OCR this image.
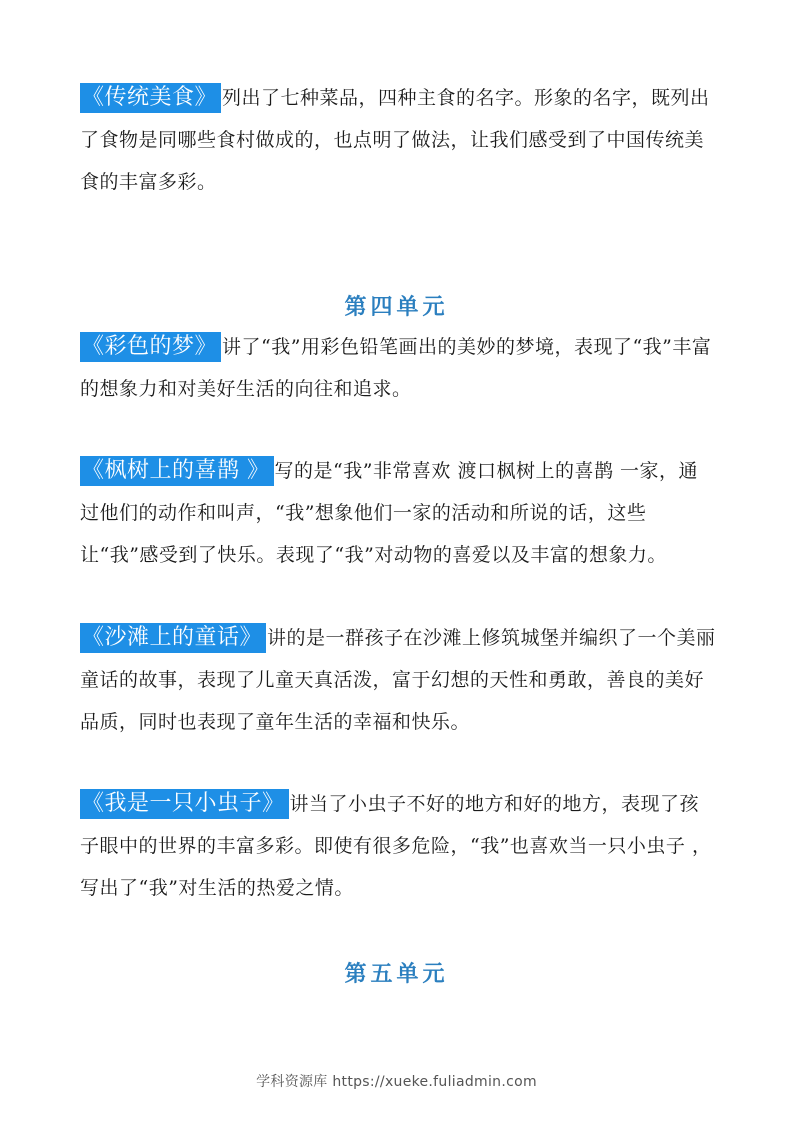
《传统美食》 列出了七种菜品，四种主食的名字。形象的名字，既列出了食物是同哪些食村做成的，也点明了做法，让我们感受到了中国传统美食的丰富多彩。

第四单元

《彩色的梦》 讲了“我”用彩色铅笔画出的美妙的梦境，表现了“我”丰富的想象力和对美好生活的向往和追求。

《枫树上的喜鹊 》 写的是“我”非常喜欢 渡口枫树上的喜鹊 一家，通过他们的动作和叫声，“我”想象他们一家的活动和所说的话，这些让“我”感受到了快乐。表现了“我”对动物的喜爱以及丰富的想象力。

《沙滩上的童话》 讲的是一群孩子在沙滩上修筑城堡并编织了一个美丽童话的故事，表现了儿童天真活泼，富于幻想的天性和勇敢，善良的美好品质，同时也表现了童年生活的幸福和快乐。

《我是一只小虫子》 讲当了小虫子不好的地方和好的地方，表现了孩子眼中的世界的丰富多彩。即使有很多危险，“我”也喜欢当一只小虫子 ，写出了“我”对生活的热爱之情。

第五单元
学科资源库 https://xueke.fuliadmin.com
